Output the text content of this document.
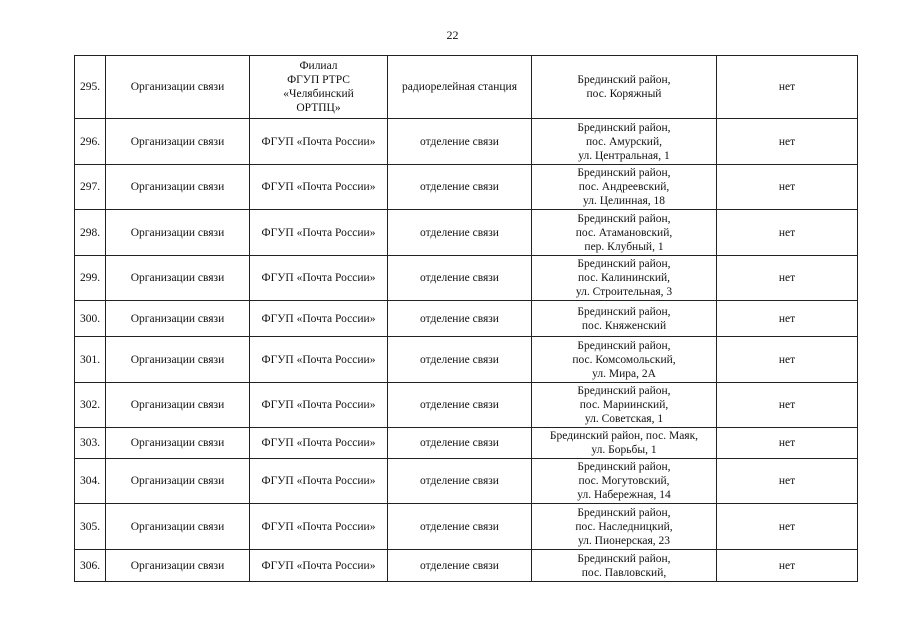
22
295.	Организации связи	Филиал
ФГУП РТРС
«Челябинский
ОРТПЦ»	радиорелейная станция	Брединский район,
пос. Коряжный	нет
296.	Организации связи	ФГУП «Почта России»	отделение связи	Брединский район,
пос. Амурский,
ул. Центральная, 1	нет
297.	Организации связи	ФГУП «Почта России»	отделение связи	Брединский район,
пос. Андреевский,
ул. Целинная, 18	нет
298.	Организации связи	ФГУП «Почта России»	отделение связи	Брединский район,
пос. Атамановский,
пер. Клубный, 1	нет
299.	Организации связи	ФГУП «Почта России»	отделение связи	Брединский район,
пос. Калининский,
ул. Строительная, 3	нет
300.	Организации связи	ФГУП «Почта России»	отделение связи	Брединский район,
пос. Княженский	нет
301.	Организации связи	ФГУП «Почта России»	отделение связи	Брединский район,
пос. Комсомольский,
ул. Мира, 2А	нет
302.	Организации связи	ФГУП «Почта России»	отделение связи	Брединский район,
пос. Мариинский,
ул. Советская, 1	нет
303.	Организации связи	ФГУП «Почта России»	отделение связи	Брединский район, пос. Маяк,
ул. Борьбы, 1	нет
304.	Организации связи	ФГУП «Почта России»	отделение связи	Брединский район,
пос. Могутовский,
ул. Набережная, 14	нет
305.	Организации связи	ФГУП «Почта России»	отделение связи	Брединский район,
пос. Наследницкий,
ул. Пионерская, 23	нет
306.	Организации связи	ФГУП «Почта России»	отделение связи	Брединский район,
пос. Павловский,	нет
